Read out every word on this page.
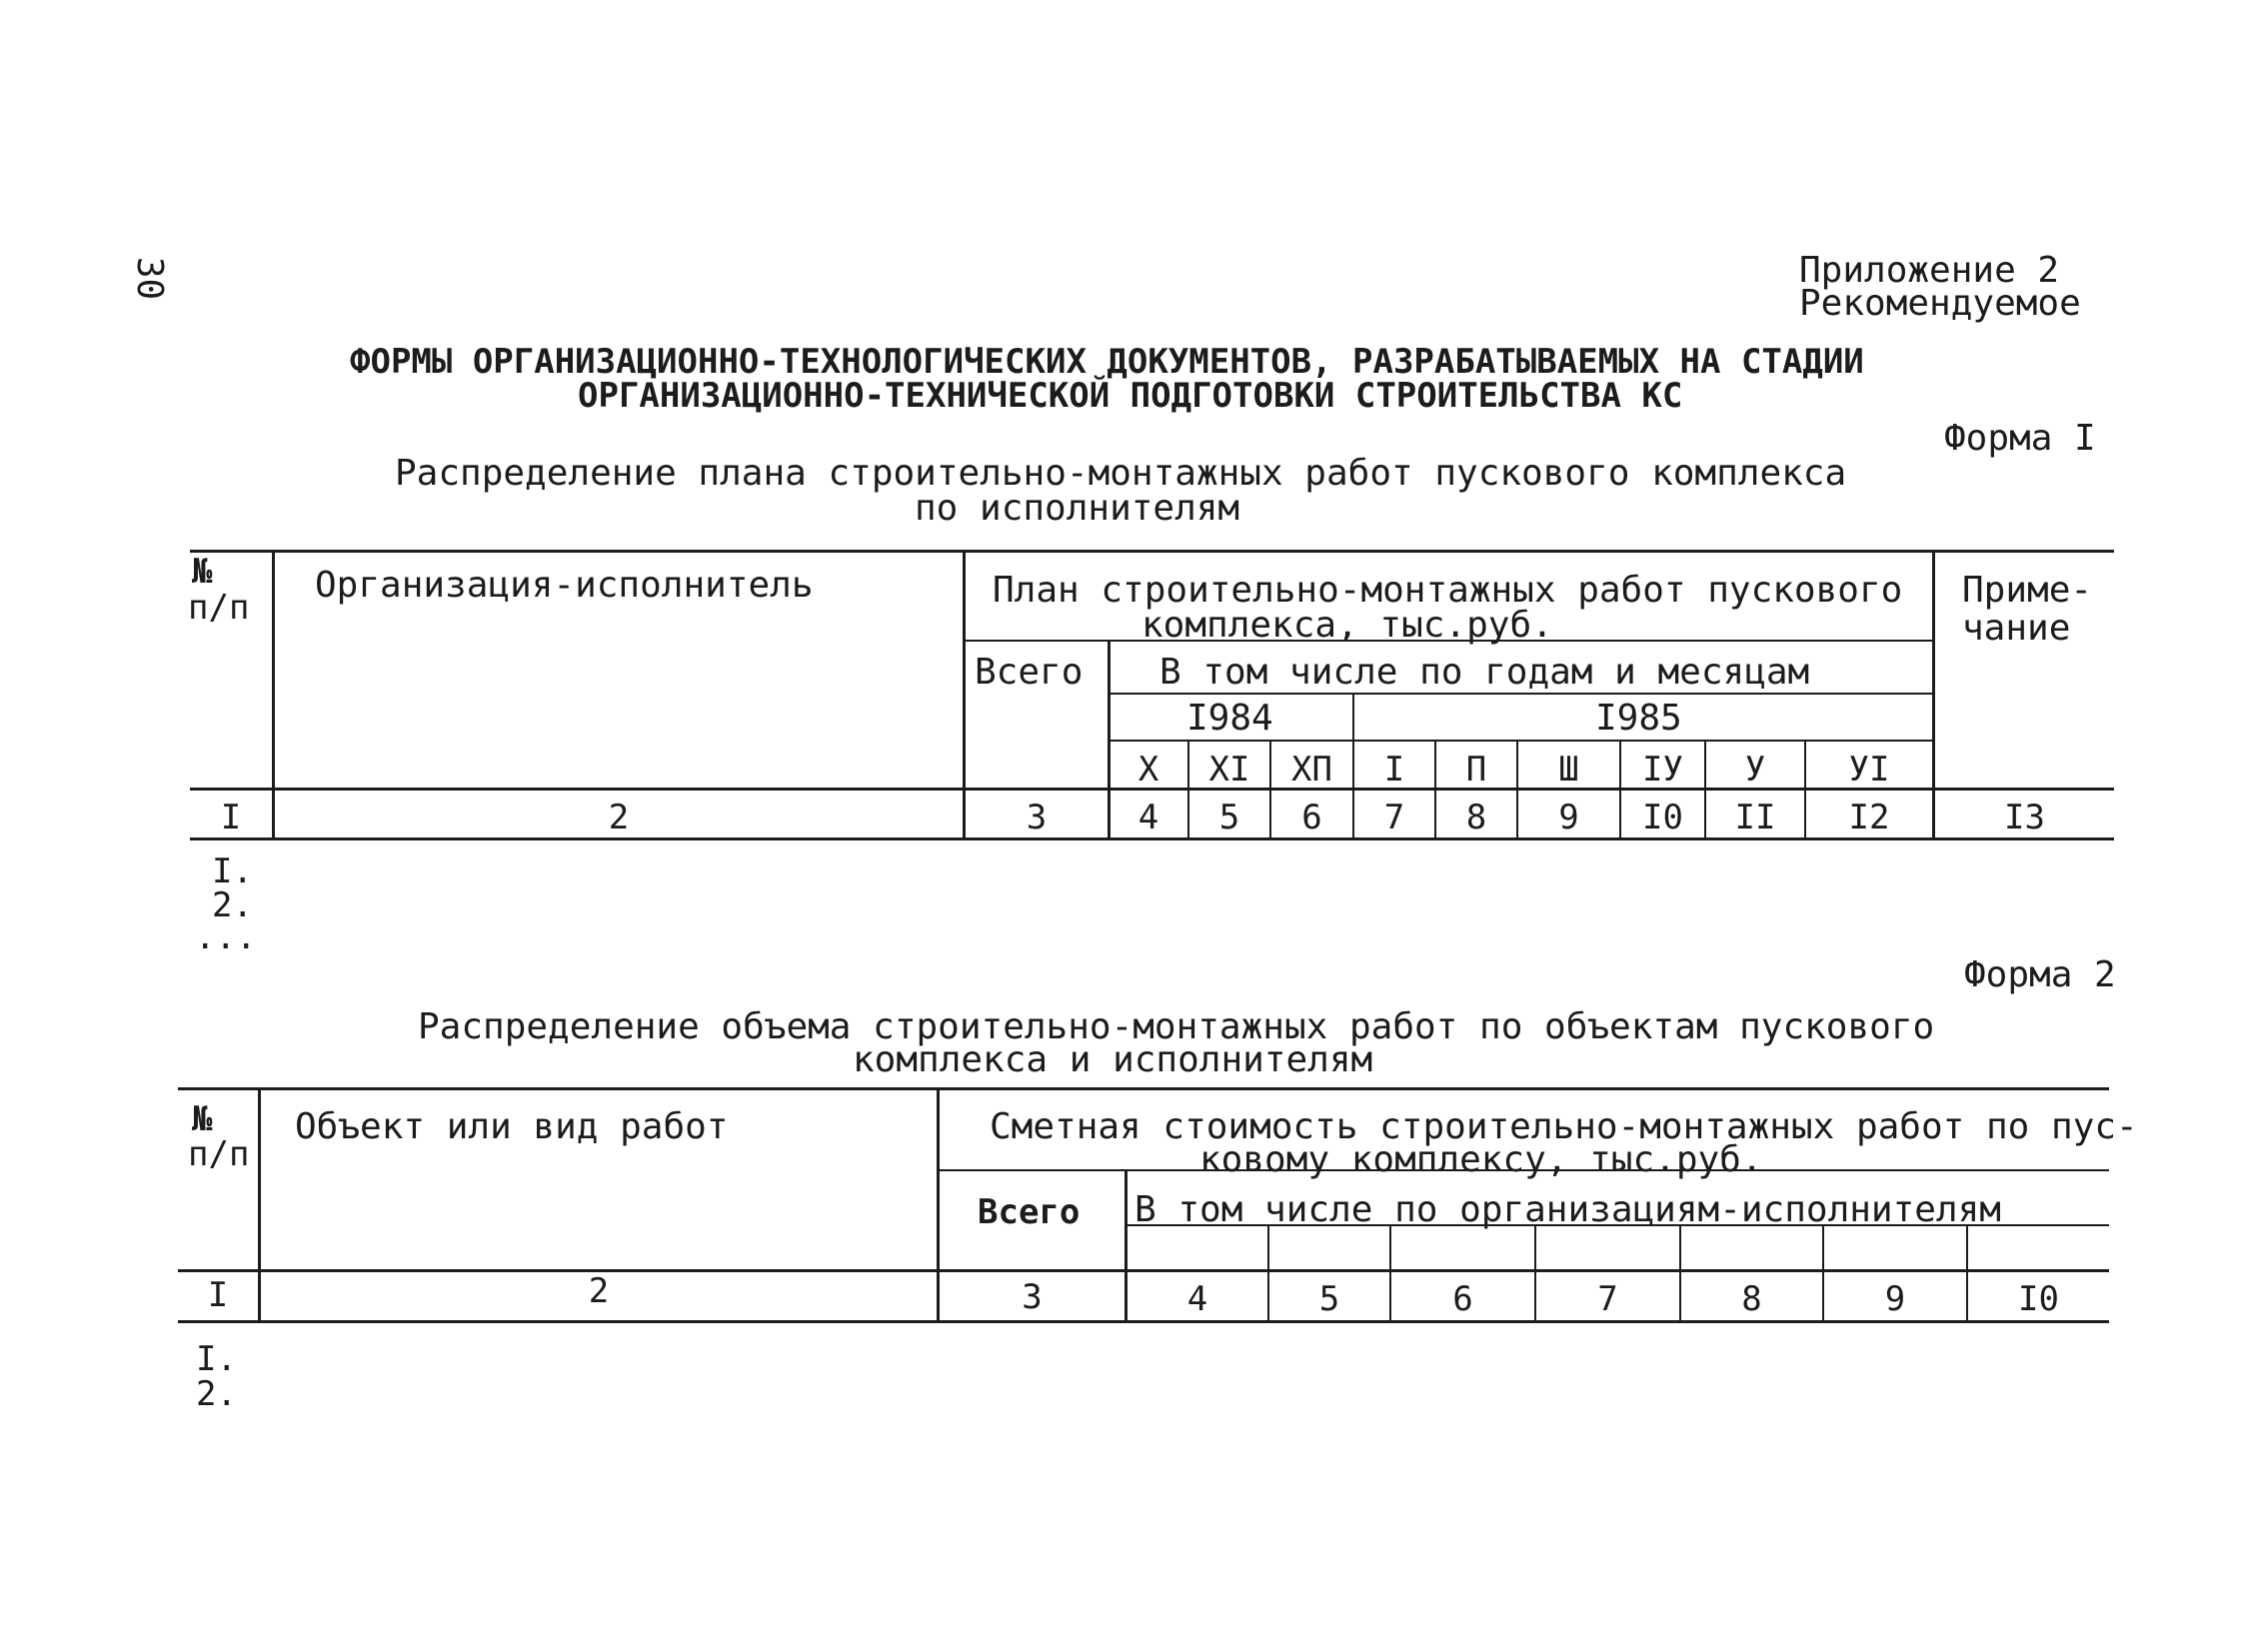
30	Приложение 2
Рекомендуемое
ФОРМЫ ОРГАНИЗАЦИОННО-ТЕХНОЛОГИЧЕСКИХ ДОКУМЕНТОВ, РАЗРАБАТЫВАЕМЫХ НА СТАДИИ
ОРГАНИЗАЦИОННО-ТЕХНИЧЕСКОЙ ПОДГОТОВКИ СТРОИТЕЛЬСТВА КС
Форма I
Распределение плана строительно-монтажных работ пускового комплекса
по исполнителям
№
п/п
Организация-исполнитель	План строительно-монтажных работ пускового
комплекса, тыс.руб.
Приме-
чание
Всего В том числе по годам и месяцам
I984	I985
X	XI	XП	I	П	Ш	IУ	У	УI
I	2	3	4	5	6	7	8	9	I0	II	I2	I3
I.
2.
...
Форма 2
Распределение объема строительно-монтажных работ по объектам пускового
комплекса и исполнителям
№
п/п
Объект или вид работ	Сметная стоимость строительно-монтажных работ по пус-
ковому комплексу, тыс.руб.
Всего В том числе по организациям-исполнителям
I	2	3	4	5	6	7	8	9	I0
I.
2.
